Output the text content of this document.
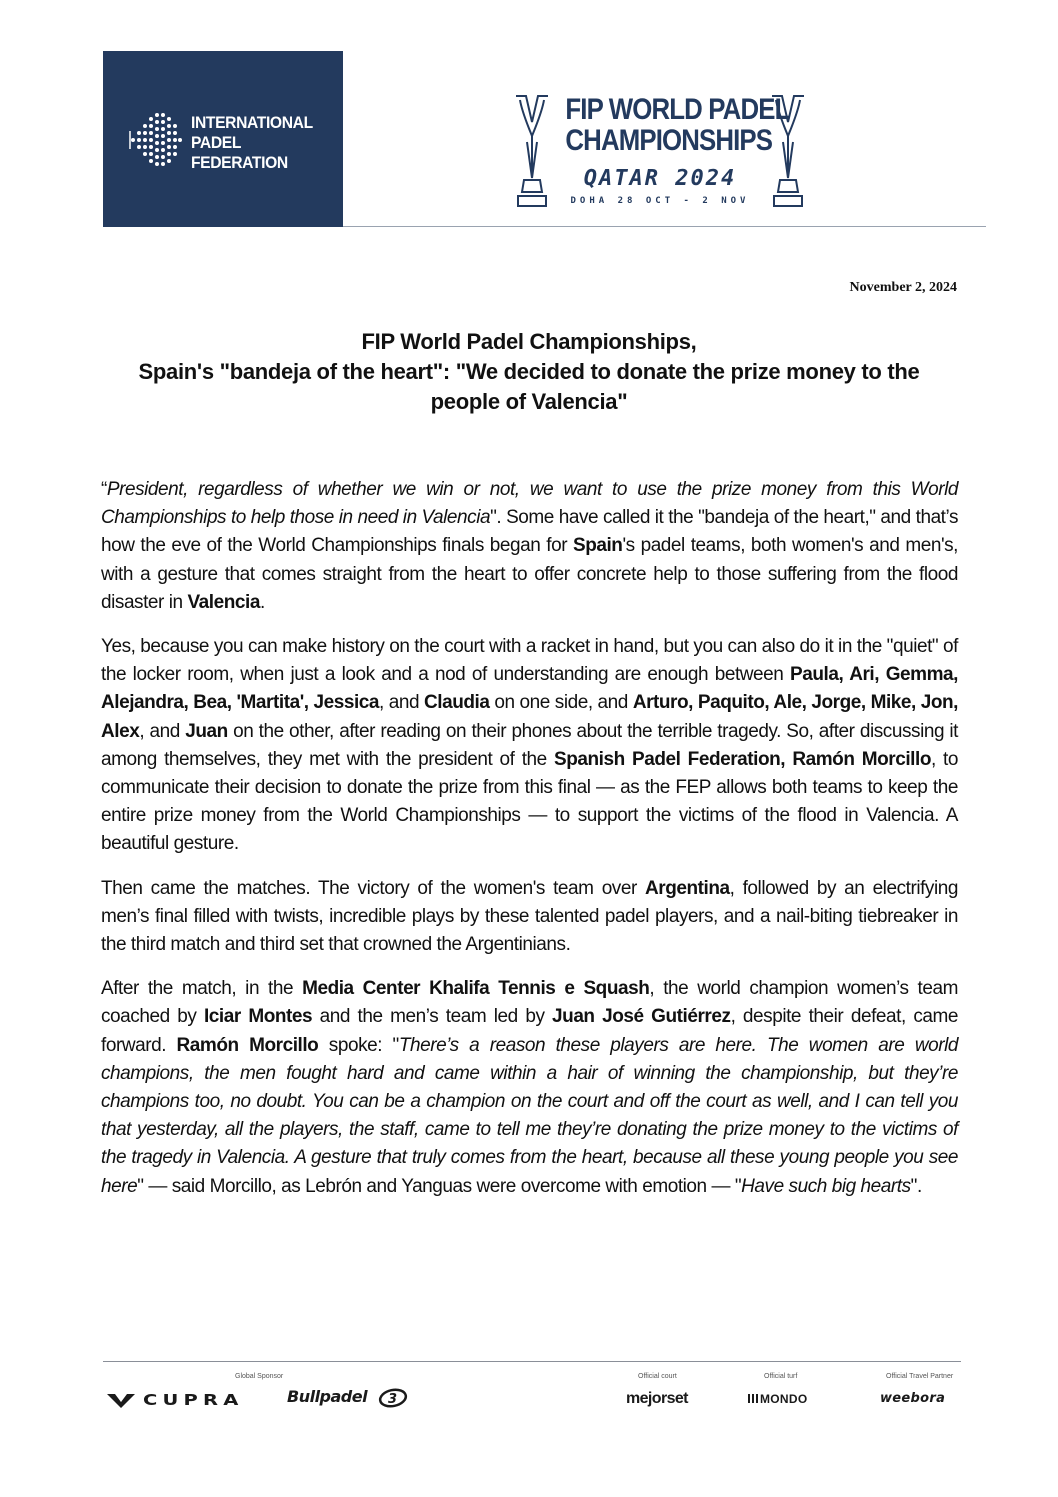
INTERNATIONAL
PADEL
FEDERATION
FIP WORLD PADEL
CHAMPIONSHIPS
QATAR 2024
DOHA 28 OCT - 2 NOV
November 2, 2024
FIP World Padel Championships,
Spain's "bandeja of the heart": "We decided to donate the prize money to the
people of Valencia"

“President, regardless of whether we win or not, we want to use the prize money from this World Championships to help those in need in Valencia". Some have called it the "bandeja of the heart," and that’s how the eve of the World Championships finals began for Spain's padel teams, both women's and men's, with a gesture that comes straight from the heart to offer concrete help to those suffering from the flood disaster in Valencia.

Yes, because you can make history on the court with a racket in hand, but you can also do it in the "quiet" of the locker room, when just a look and a nod of understanding are enough between Paula, Ari, Gemma, Alejandra, Bea, 'Martita', Jessica, and Claudia on one side, and Arturo, Paquito, Ale, Jorge, Mike, Jon, Alex, and Juan on the other, after reading on their phones about the terrible tragedy. So, after discussing it among themselves, they met with the president of the Spanish Padel Federation, Ramón Morcillo, to communicate their decision to donate the prize from this final — as the FEP allows both teams to keep the entire prize money from the World Championships — to support the victims of the flood in Valencia. A beautiful gesture.

Then came the matches. The victory of the women's team over Argentina, followed by an electrifying men’s final filled with twists, incredible plays by these talented padel players, and a nail-biting tiebreaker in the third match and third set that crowned the Argentinians.

After the match, in the Media Center Khalifa Tennis e Squash, the world champion women’s team coached by Iciar Montes and the men’s team led by Juan José Gutiérrez, despite their defeat, came forward. Ramón Morcillo spoke: "There’s a reason these players are here. The women are world champions, the men fought hard and came within a hair of winning the championship, but they’re champions too, no doubt. You can be a champion on the court and off the court as well, and I can tell you that yesterday, all the players, the staff, came to tell me they’re donating the prize money to the victims of the tragedy in Valencia. A gesture that truly comes from the heart, because all these young people you see here" — said Morcillo, as Lebrón and Yanguas were overcome with emotion — "Have such big hearts".

Global Sponsor	Official court	Official turf	Official Travel Partner
CUPRA	Bullpadel 3	mejorset	MONDO	weebora
